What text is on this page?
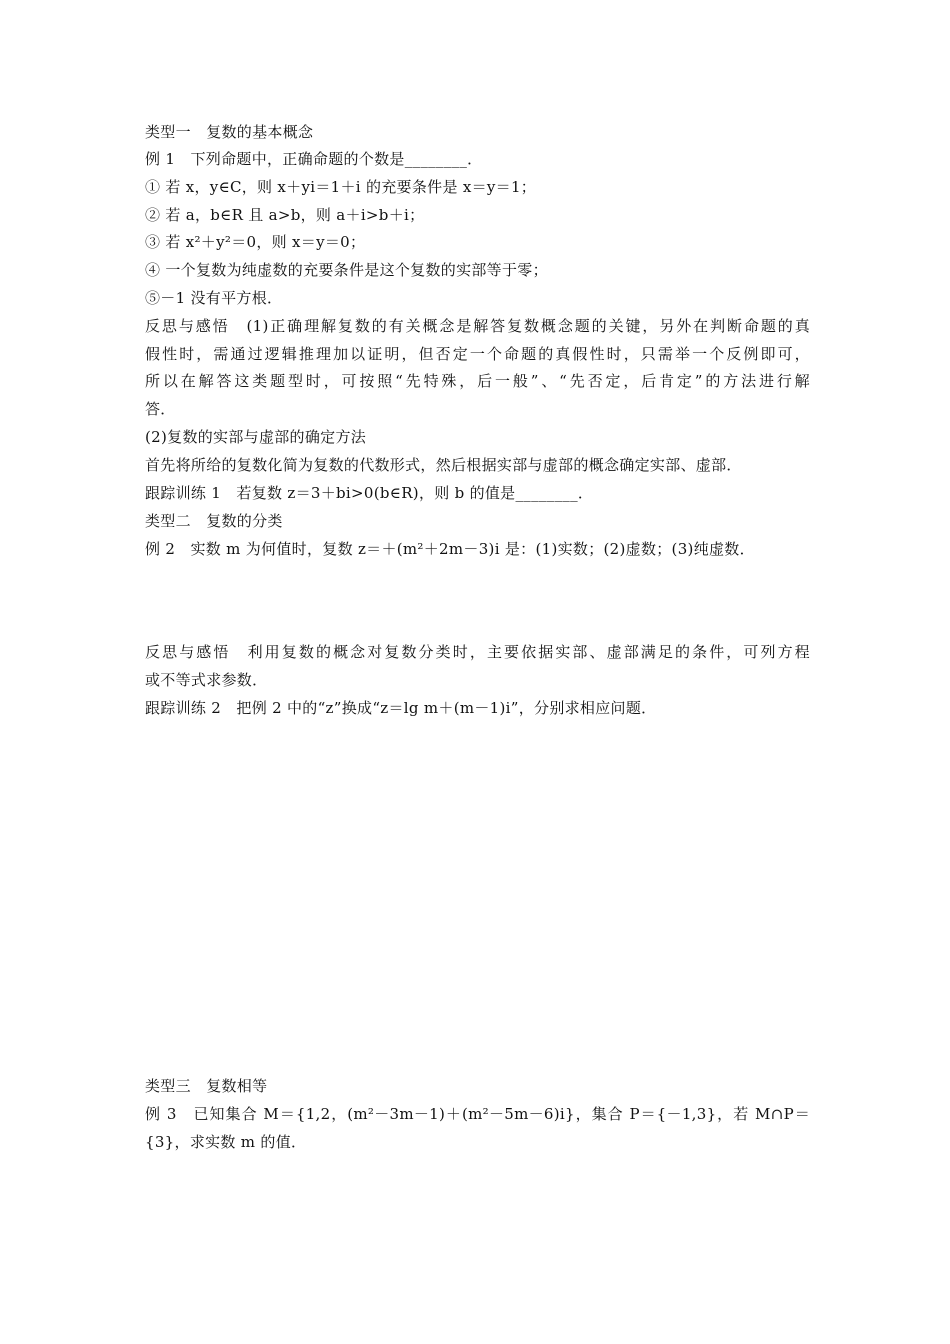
类型一　复数的基本概念
例 1　下列命题中，正确命题的个数是________．
① 若 x，y∈C，则 x＋yi＝1＋i 的充要条件是 x＝y＝1；
② 若 a，b∈R 且 a>b，则 a＋i>b＋i；
③ 若 x²＋y²＝0，则 x＝y＝0；
④ 一个复数为纯虚数的充要条件是这个复数的实部等于零；
⑤－1 没有平方根．
反思与感悟　(1)正确理解复数的有关概念是解答复数概念题的关键，另外在判断命题的真
假性时，需通过逻辑推理加以证明，但否定一个命题的真假性时，只需举一个反例即可，
所以在解答这类题型时，可按照“先特殊，后一般”、“先否定，后肯定”的方法进行解
答．
(2)复数的实部与虚部的确定方法
首先将所给的复数化简为复数的代数形式，然后根据实部与虚部的概念确定实部、虚部．
跟踪训练 1　若复数 z＝3＋bi>0(b∈R)，则 b 的值是________．
类型二　复数的分类
例 2　实数 m 为何值时，复数 z＝＋(m²＋2m－3)i 是：(1)实数；(2)虚数；(3)纯虚数．
反思与感悟　利用复数的概念对复数分类时，主要依据实部、虚部满足的条件，可列方程
或不等式求参数．
跟踪训练 2　把例 2 中的“z”换成“z＝lg m＋(m－1)i”，分别求相应问题．
类型三　复数相等
例 3　已知集合 M＝{1,2，(m²－3m－1)＋(m²－5m－6)i}，集合 P＝{－1,3}，若 M∩P＝
{3}，求实数 m 的值．
